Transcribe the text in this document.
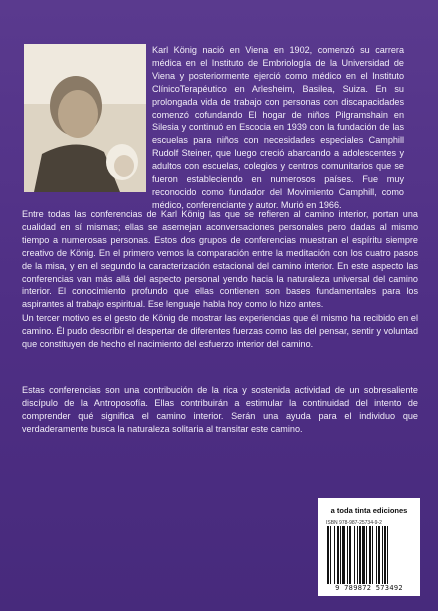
Karl König nació en Viena en 1902, comenzó su carrera médica en el Instituto de Embriología de la Universidad de Viena y posteriormente ejerció como médico en el Instituto ClínicoTerapéutico en Arlesheim, Basilea, Suiza. En su prolongada vida de trabajo con personas con discapacidades comenzó cofundando El hogar de niños Pilgramshain en Silesia y continuó en Escocia en 1939 con la fundación de las escuelas para niños con necesidades especiales Camphill Rudolf Steiner, que luego creció abarcando a adolescentes y adultos con escuelas, colegios y centros comunitarios que se fueron estableciendo en numerosos países. Fue muy reconocido como fundador del Movimiento Camphill, como médico, conferenciante y autor. Murió en 1966.

Entre todas las conferencias de Karl König las que se refieren al camino interior, portan una cualidad en sí mismas; ellas se asemejan aconversaciones personales pero dadas al mismo tiempo a numerosas personas. Estos dos grupos de conferencias muestran el espíritu siempre creativo de König. En el primero vemos la comparación entre la meditación con los cuatro pasos de la misa, y en el segundo la caracterización estacional del camino interior. En este aspecto las conferencias van más allá del aspecto personal yendo hacia la naturaleza universal del camino interior. El conocimiento profundo que ellas contienen son bases fundamentales para los aspirantes al trabajo espiritual. Ese lenguaje habla hoy como lo hizo antes.

Un tercer motivo es el gesto de König de mostrar las experiencias que él mismo ha recibido en el camino. Él pudo describir el despertar de diferentes fuerzas como las del pensar, sentir y voluntad que constituyen de hecho el nacimiento del esfuerzo interior del camino.

Estas conferencias son una contribución de la rica y sostenida actividad de un sobresaliente discípulo de la Antroposofía. Ellas contribuirán a estimular la continuidad del intento de comprender qué significa el camino interior. Serán una ayuda para el individuo que verdaderamente busca la naturaleza solitaria al transitar este camino.

a toda tinta ediciones

ISBN 978-987-25734-9-2

9 789872 573492
